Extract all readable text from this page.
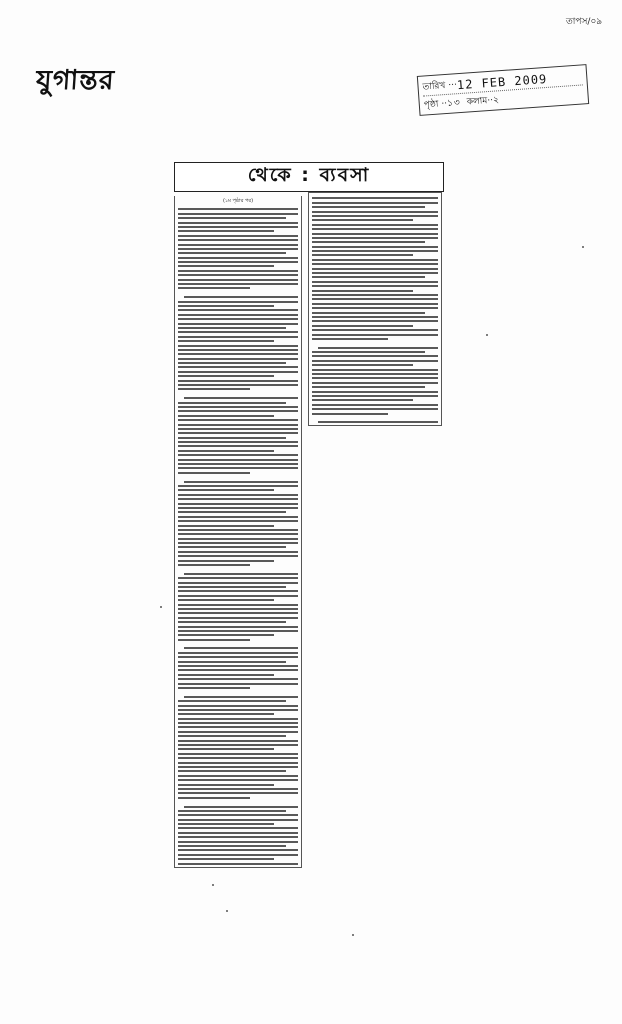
তাপস/০৯
যুগান্তর	তারিখ ··· 12 FEB 2009
পৃষ্ঠা ·· ১৩ কলাম ·· ২
থেকে : ব্যবসা
(১ম পৃষ্ঠার পর)
